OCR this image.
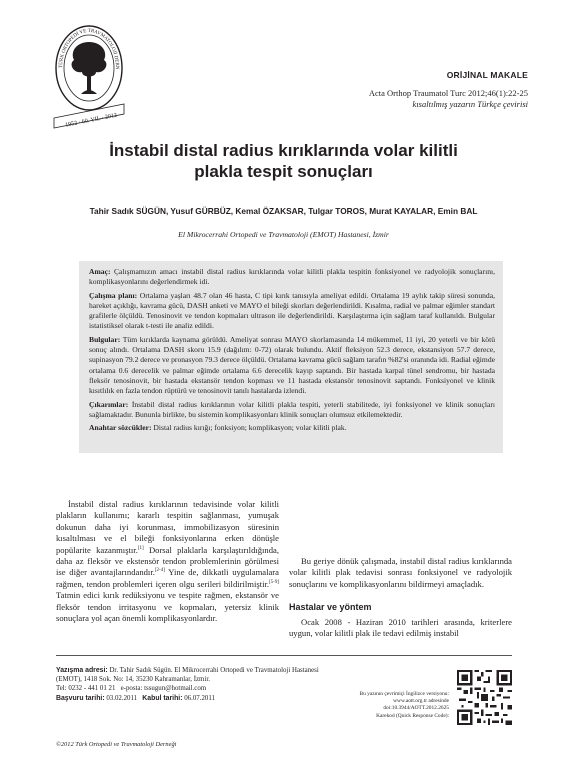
TÜRK ORTOPEDİ VE TRAVMATOLOJİ DERN
1952 · 60. YIL · 2012
ORİJİNAL MAKALE
Acta Orthop Traumatol Turc 2012;46(1):22-25
kısaltılmış yazarın Türkçe çevirisi
İnstabil distal radius kırıklarında volar kilitli
plakla tespit sonuçları
Tahir Sadık SÜGÜN, Yusuf GÜRBÜZ, Kemal ÖZAKSAR, Tulgar TOROS, Murat KAYALAR, Emin BAL
El Mikrocerrahi Ortopedi ve Travmatoloji (EMOT) Hastanesi, İzmir

Amaç: Çalışmamızın amacı instabil distal radius kırıklarında volar kilitli plakla tespitin fonksiyonel ve radyolojik sonuçlarını, komplikasyonlarını değerlendirmek idi.

Çalışma planı: Ortalama yaşları 48.7 olan 46 hasta, C tipi kırık tanısıyla ameliyat edildi. Ortalama 19 aylık takip süresi sonunda, hareket açıklığı, kavrama gücü, DASH anketi ve MAYO el bileği skorları değerlendirildi. Kısalma, radial ve palmar eğimler standart grafilerle ölçüldü. Tenosinovit ve tendon kopmaları ultrason ile değerlendirildi. Karşılaştırma için sağlam taraf kullanıldı. Bulgular istatistiksel olarak t-testi ile analiz edildi.

Bulgular: Tüm kırıklarda kaynama görüldü. Ameliyat sonrası MAYO skorlamasında 14 mükemmel, 11 iyi, 20 yeterli ve bir kötü sonuç alındı. Ortalama DASH skoru 15.9 (dağılım: 0-72) olarak bulundu. Aktif fleksiyon 52.3 derece, ekstansiyon 57.7 derece, supinasyon 79.2 derece ve pronasyon 79.3 derece ölçüldü. Ortalama kavrama gücü sağlam tarafın %82'si oranında idi. Radial eğimde ortalama 0.6 derecelik ve palmar eğimde ortalama 6.6 derecelik kayıp saptandı. Bir hastada karpal tünel sendromu, bir hastada fleksör tenosinovit, bir hastada ekstansör tendon kopması ve 11 hastada ekstansör tenosinovit saptandı. Fonksiyonel ve klinik kısıtlılık en fazla tendon rüptürü ve tenosinovit tanılı hastalarda izlendi.

Çıkarımlar: İnstabil distal radius kırıklarının volar kilitli plakla tespiti, yeterli stabilitede, iyi fonksiyonel ve klinik sonuçları sağlamaktadır. Bununla birlikte, bu sistemin komplikasyonları klinik sonuçları olumsuz etkilemektedir.

Anahtar sözcükler: Distal radius kırığı; fonksiyon; komplikasyon; volar kilitli plak.

İnstabil distal radius kırıklarının tedavisinde volar kilitli plakların kullanımı; kararlı tespitin sağlanması, yumuşak dokunun daha iyi korunması, immobilizasyon süresinin kısaltılması ve el bileği fonksiyonlarına erken dönüşle popülarite kazanmıştır.[1] Dorsal plaklarla karşılaştırıldığında, daha az fleksör ve ekstensör tendon problemlerinin görülmesi ise diğer avantajlarındandır.[2-4] Yine de, dikkatli uygulamalara rağmen, tendon problemleri içeren olgu serileri bildirilmiştir.[5-9] Tatmin edici kırık redüksiyonu ve tespite rağmen, ekstansör ve fleksör tendon irritasyonu ve kopmaları, yetersiz klinik sonuçlara yol açan önemli komplikasyonlardır.

Bu geriye dönük çalışmada, instabil distal radius kırıklarında volar kilitli plak tedavisi sonrası fonksiyonel ve radyolojik sonuçlarını ve komplikasyonlarını bildirmeyi amaçladık.

Hastalar ve yöntem

Ocak 2008 - Haziran 2010 tarihleri arasında, kriterlere uygun, volar kilitli plak ile tedavi edilmiş instabil

Yazışma adresi: Dr. Tahir Sadık Sügün. El Mikrocerrahi Ortopedi ve Travmatoloji Hastanesi (EMOT), 1418 Sok. No: 14, 35230 Kahramanlar, İzmir.
Tel: 0232 - 441 01 21 e-posta: tssugun@hotmail.com
Başvuru tarihi: 03.02.2011 Kabul tarihi: 06.07.2011
©2012 Türk Ortopedi ve Travmatoloji Derneği
Bu yazının çevrimiçi İngilizce versiyonu:
www.aott.org.tr adresinde
doi:10.3944/AOTT.2012.2625
Karekod (Quick Response Code):
